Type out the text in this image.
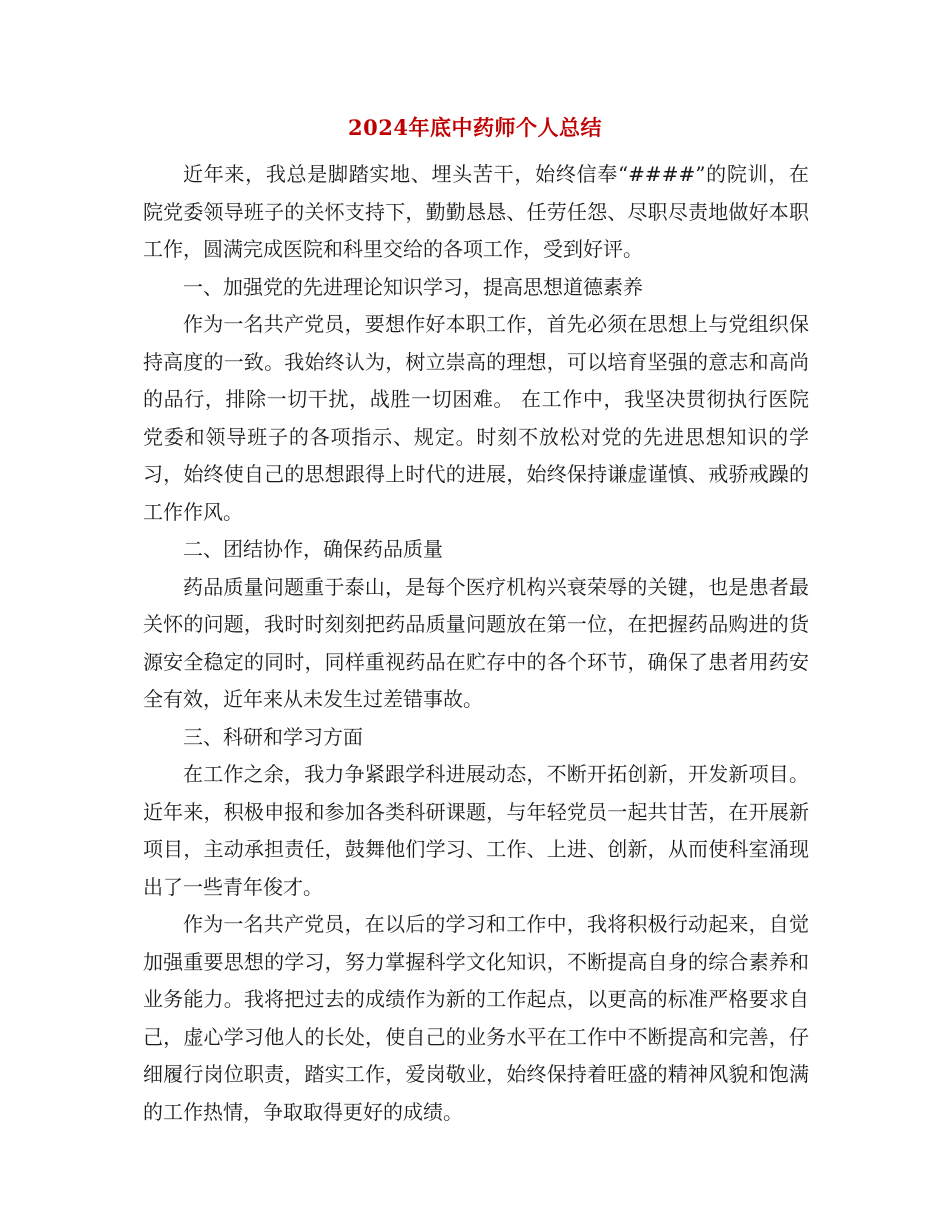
2024年底中药师个人总结

近年来，我总是脚踏实地、埋头苦干，始终信奉“####”的院训，在院党委领导班子的关怀支持下，勤勤恳恳、任劳任怨、尽职尽责地做好本职工作，圆满完成医院和科里交给的各项工作，受到好评。

一、加强党的先进理论知识学习，提高思想道德素养

作为一名共产党员，要想作好本职工作，首先必须在思想上与党组织保持高度的一致。我始终认为，树立崇高的理想，可以培育坚强的意志和高尚的品行，排除一切干扰，战胜一切困难。 在工作中，我坚决贯彻执行医院党委和领导班子的各项指示、规定。时刻不放松对党的先进思想知识的学习，始终使自己的思想跟得上时代的进展，始终保持谦虚谨慎、戒骄戒躁的工作作风。

二、团结协作，确保药品质量

药品质量问题重于泰山，是每个医疗机构兴衰荣辱的关键，也是患者最关怀的问题，我时时刻刻把药品质量问题放在第一位，在把握药品购进的货源安全稳定的同时，同样重视药品在贮存中的各个环节，确保了患者用药安全有效，近年来从未发生过差错事故。

三、科研和学习方面

在工作之余，我力争紧跟学科进展动态，不断开拓创新，开发新项目。近年来，积极申报和参加各类科研课题，与年轻党员一起共甘苦，在开展新项目，主动承担责任，鼓舞他们学习、工作、上进、创新，从而使科室涌现出了一些青年俊才。

作为一名共产党员，在以后的学习和工作中，我将积极行动起来，自觉加强重要思想的学习，努力掌握科学文化知识，不断提高自身的综合素养和业务能力。我将把过去的成绩作为新的工作起点，以更高的标准严格要求自己，虚心学习他人的长处，使自己的业务水平在工作中不断提高和完善，仔细履行岗位职责，踏实工作，爱岗敬业，始终保持着旺盛的精神风貌和饱满的工作热情，争取取得更好的成绩。
